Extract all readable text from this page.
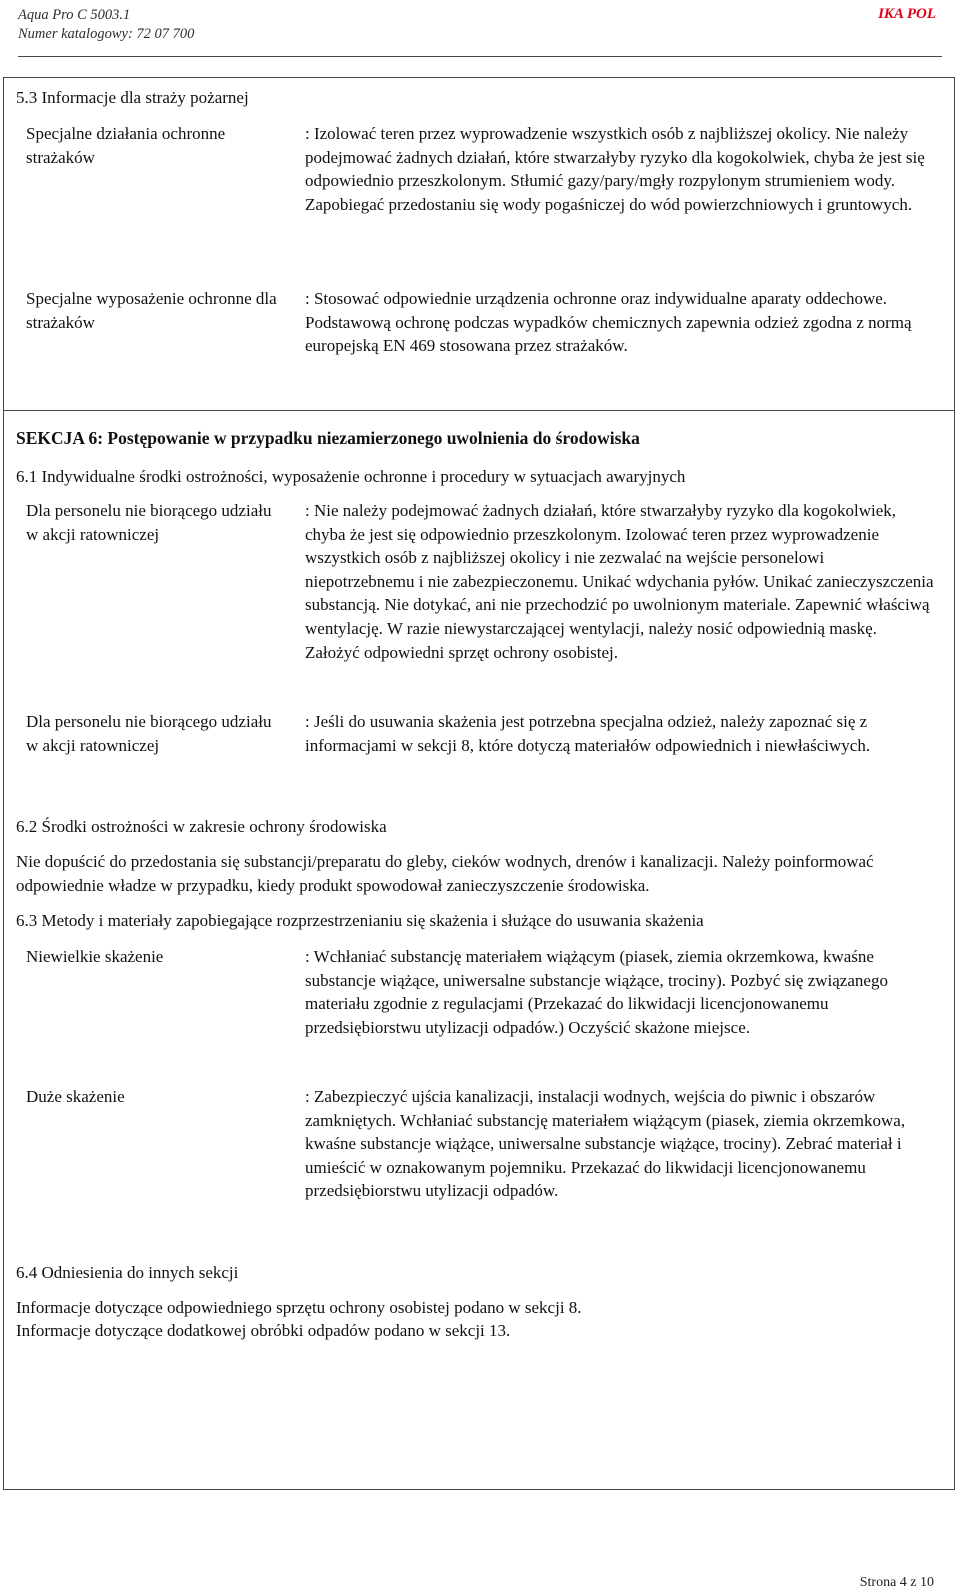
Aqua Pro C 5003.1
Numer katalogowy: 72 07 700
IKA POL
5.3 Informacje dla straży pożarnej
Specjalne działania ochronne strażaków
: Izolować teren przez wyprowadzenie wszystkich osób z najbliższej okolicy. Nie należy podejmować żadnych działań, które stwarzałyby ryzyko dla kogokolwiek, chyba że jest się odpowiednio przeszkolonym. Stłumić gazy/pary/mgły rozpylonym strumieniem wody. Zapobiegać przedostaniu się wody pogaśniczej do wód powierzchniowych i gruntowych.
Specjalne wyposażenie ochronne dla strażaków
: Stosować odpowiednie urządzenia ochronne oraz indywidualne aparaty oddechowe. Podstawową ochronę podczas wypadków chemicznych zapewnia odzież zgodna z normą europejską EN 469 stosowana przez strażaków.
SEKCJA 6: Postępowanie w przypadku niezamierzonego uwolnienia do środowiska
6.1 Indywidualne środki ostrożności, wyposażenie ochronne i procedury w sytuacjach awaryjnych
Dla personelu nie biorącego udziału w akcji ratowniczej
: Nie należy podejmować żadnych działań, które stwarzałyby ryzyko dla kogokolwiek, chyba że jest się odpowiednio przeszkolonym. Izolować teren przez wyprowadzenie wszystkich osób z najbliższej okolicy i nie zezwalać na wejście personelowi niepotrzebnemu i nie zabezpieczonemu. Unikać wdychania pyłów. Unikać zanieczyszczenia substancją. Nie dotykać, ani nie przechodzić po uwolnionym materiale. Zapewnić właściwą wentylację. W razie niewystarczającej wentylacji, należy nosić odpowiednią maskę. Założyć odpowiedni sprzęt ochrony osobistej.
Dla personelu nie biorącego udziału w akcji ratowniczej
: Jeśli do usuwania skażenia jest potrzebna specjalna odzież, należy zapoznać się z informacjami w sekcji 8, które dotyczą materiałów odpowiednich i niewłaściwych.
6.2 Środki ostrożności w zakresie ochrony środowiska
Nie dopuścić do przedostania się substancji/preparatu do gleby, cieków wodnych, drenów i kanalizacji. Należy poinformować odpowiednie władze w przypadku, kiedy produkt spowodował zanieczyszczenie środowiska.
6.3 Metody i materiały zapobiegające rozprzestrzenianiu się skażenia i służące do usuwania skażenia
Niewielkie skażenie	: Wchłaniać substancję materiałem wiążącym (piasek, ziemia okrzemkowa, kwaśne substancje wiążące, uniwersalne substancje wiążące, trociny). Pozbyć się związanego materiału zgodnie z regulacjami (Przekazać do likwidacji licencjonowanemu przedsiębiorstwu utylizacji odpadów.) Oczyścić skażone miejsce.
Duże skażenie	: Zabezpieczyć ujścia kanalizacji, instalacji wodnych, wejścia do piwnic i obszarów zamkniętych. Wchłaniać substancję materiałem wiążącym (piasek, ziemia okrzemkowa, kwaśne substancje wiążące, uniwersalne substancje wiążące, trociny). Zebrać materiał i umieścić w oznakowanym pojemniku. Przekazać do likwidacji licencjonowanemu przedsiębiorstwu utylizacji odpadów.
6.4 Odniesienia do innych sekcji
Informacje dotyczące odpowiedniego sprzętu ochrony osobistej podano w sekcji 8.
Informacje dotyczące dodatkowej obróbki odpadów podano w sekcji 13.
Strona 4 z 10
